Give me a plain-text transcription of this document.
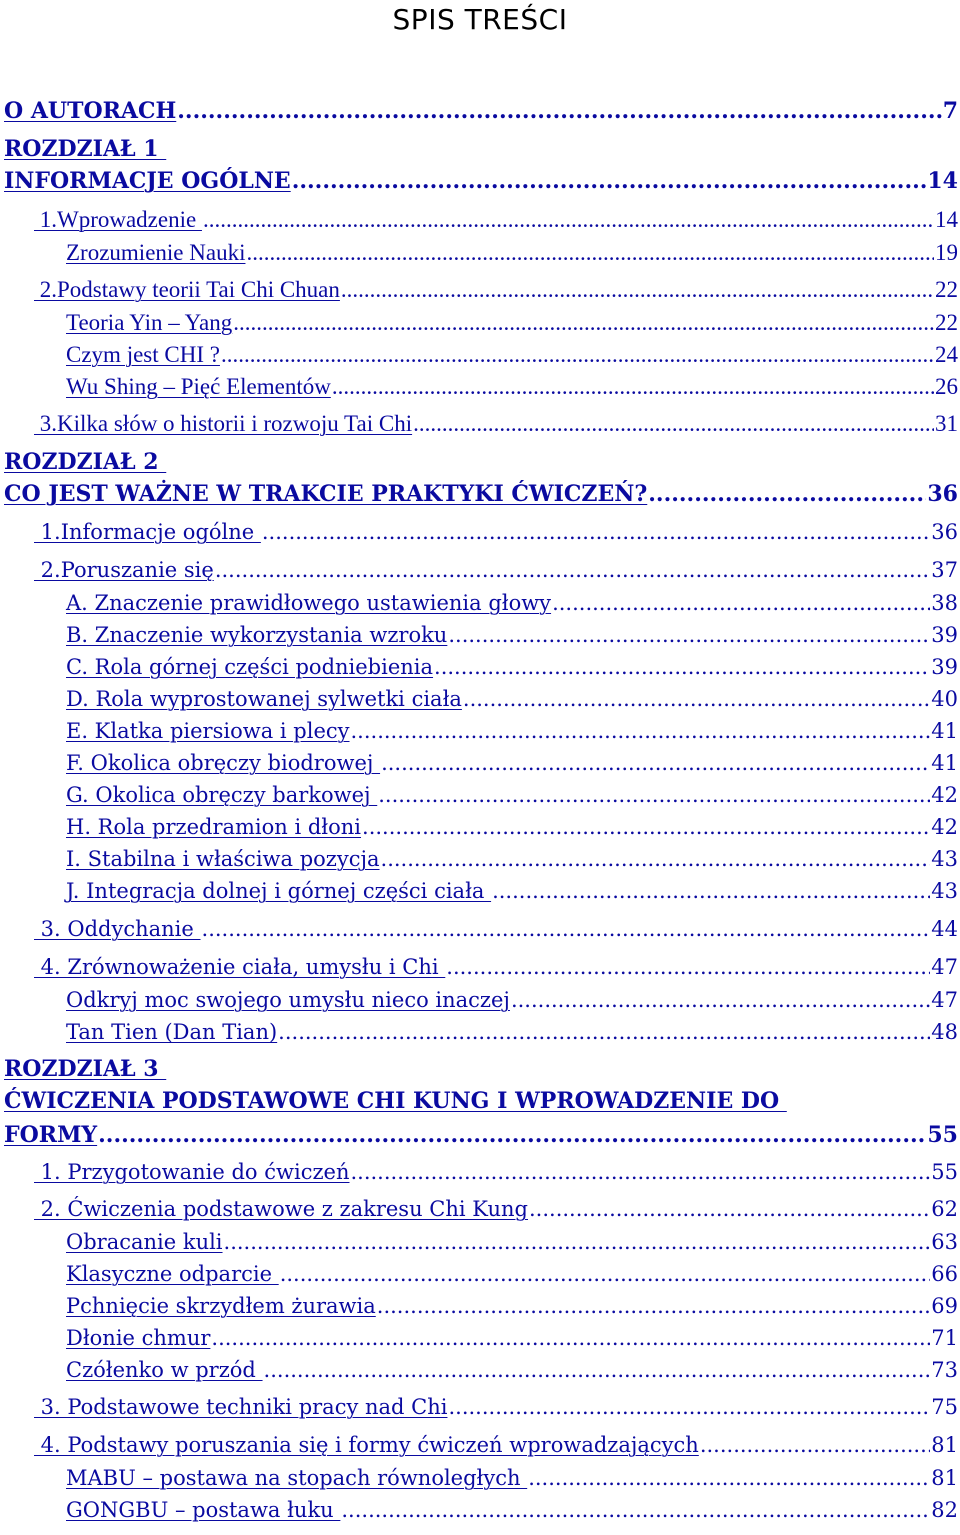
SPIS TREŚCI
O AUTORACH .....	7
ROZDZIAŁ 1
INFORMACJE OGÓLNE .....	14
1.Wprowadzenie .....	14
Zrozumienie Nauki .....	19
2.Podstawy teorii Tai Chi Chuan .....	22
Teoria Yin – Yang .....	22
Czym jest CHI ? .....	24
Wu Shing – Pięć Elementów .....	26
3.Kilka słów o historii i rozwoju Tai Chi .....	31
ROZDZIAŁ 2
CO JEST WAŻNE W TRAKCIE PRAKTYKI ĆWICZEŃ? .....	36
1.Informacje ogólne .....	36
2.Poruszanie się .....	37
A. Znaczenie prawidłowego ustawienia głowy .....	38
B. Znaczenie wykorzystania wzroku .....	39
C. Rola górnej części podniebienia .....	39
D. Rola wyprostowanej sylwetki ciała .....	40
E. Klatka piersiowa i plecy .....	41
F. Okolica obręczy biodrowej .....	41
G. Okolica obręczy barkowej .....	42
H. Rola przedramion i dłoni .....	42
I. Stabilna i właściwa pozycja .....	43
J. Integracja dolnej i górnej części ciała .....	43
3. Oddychanie .....	44
4. Zrównoważenie ciała, umysłu i Chi .....	47
Odkryj moc swojego umysłu nieco inaczej .....	47
Tan Tien (Dan Tian) .....	48
ROZDZIAŁ 3
ĆWICZENIA PODSTAWOWE CHI KUNG I WPROWADZENIE DO
FORMY .....	55
1. Przygotowanie do ćwiczeń .....	55
2. Ćwiczenia podstawowe z zakresu Chi Kung .....	62
Obracanie kuli .....	63
Klasyczne odparcie .....	66
Pchnięcie skrzydłem żurawia .....	69
Dłonie chmur .....	71
Czółenko w przód .....	73
3. Podstawowe techniki pracy nad Chi .....	75
4. Podstawy poruszania się i formy ćwiczeń wprowadzających .....	81
MABU – postawa na stopach równoległych .....	81
GONGBU – postawa łuku .....	82
